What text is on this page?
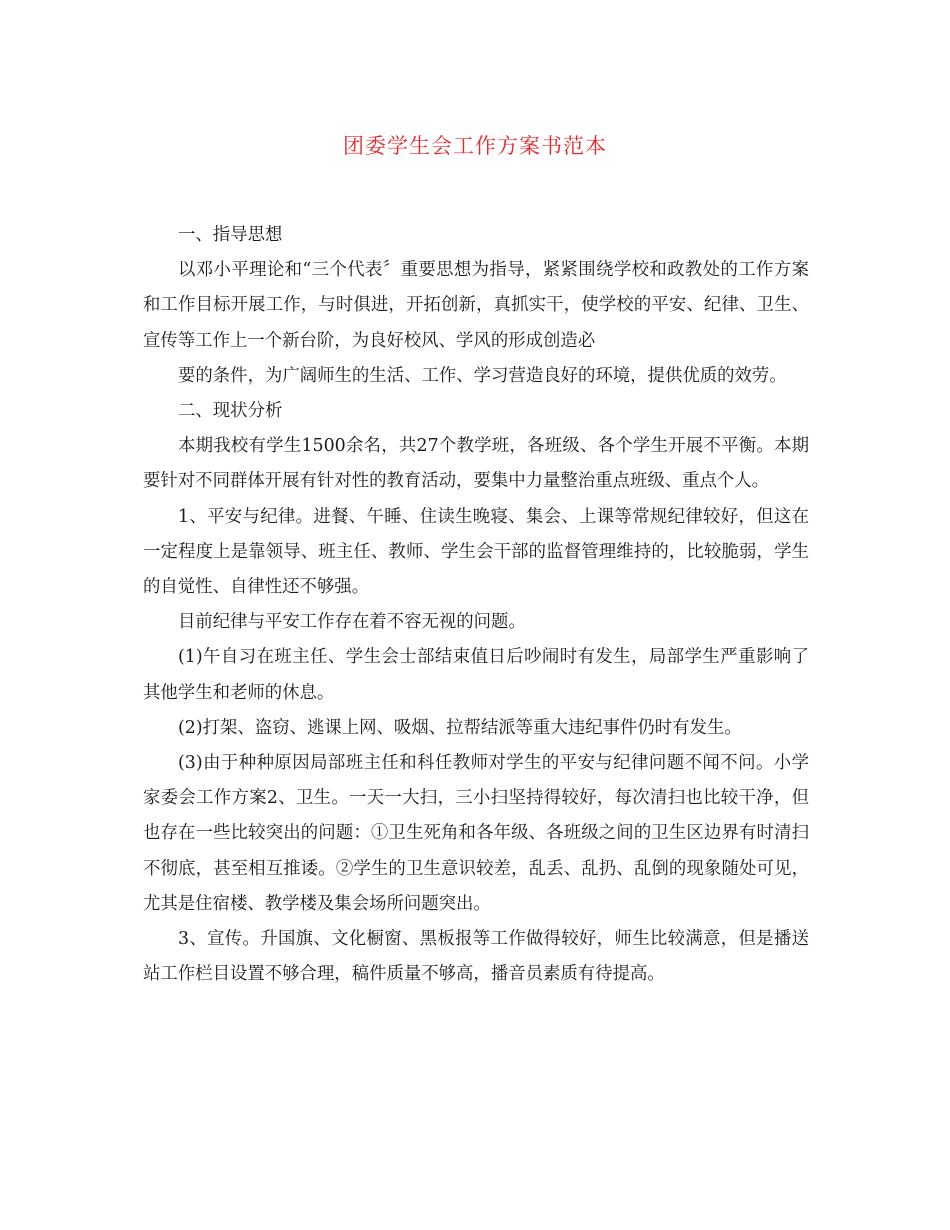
团委学生会工作方案书范本

一、指导思想

以邓小平理论和“三个代表〞重要思想为指导，紧紧围绕学校和政教处的工作方案和工作目标开展工作，与时俱进，开拓创新，真抓实干，使学校的平安、纪律、卫生、宣传等工作上一个新台阶，为良好校风、学风的形成创造必

要的条件，为广阔师生的生活、工作、学习营造良好的环境，提供优质的效劳。

二、现状分析

本期我校有学生1500余名，共27个教学班，各班级、各个学生开展不平衡。本期要针对不同群体开展有针对性的教育活动，要集中力量整治重点班级、重点个人。

1、平安与纪律。进餐、午睡、住读生晚寝、集会、上课等常规纪律较好，但这在一定程度上是靠领导、班主任、教师、学生会干部的监督管理维持的，比较脆弱，学生的自觉性、自律性还不够强。

目前纪律与平安工作存在着不容无视的问题。

(1)午自习在班主任、学生会士部结束值日后吵闹时有发生，局部学生严重影响了其他学生和老师的休息。

(2)打架、盗窃、逃课上网、吸烟、拉帮结派等重大违纪事件仍时有发生。

(3)由于种种原因局部班主任和科任教师对学生的平安与纪律问题不闻不问。小学家委会工作方案2、卫生。一天一大扫，三小扫坚持得较好，每次清扫也比较干净，但也存在一些比较突出的问题：①卫生死角和各年级、各班级之间的卫生区边界有时清扫不彻底，甚至相互推诿。②学生的卫生意识较差，乱丢、乱扔、乱倒的现象随处可见，尤其是住宿楼、教学楼及集会场所问题突出。

3、宣传。升国旗、文化橱窗、黑板报等工作做得较好，师生比较满意，但是播送站工作栏目设置不够合理，稿件质量不够高，播音员素质有待提高。
